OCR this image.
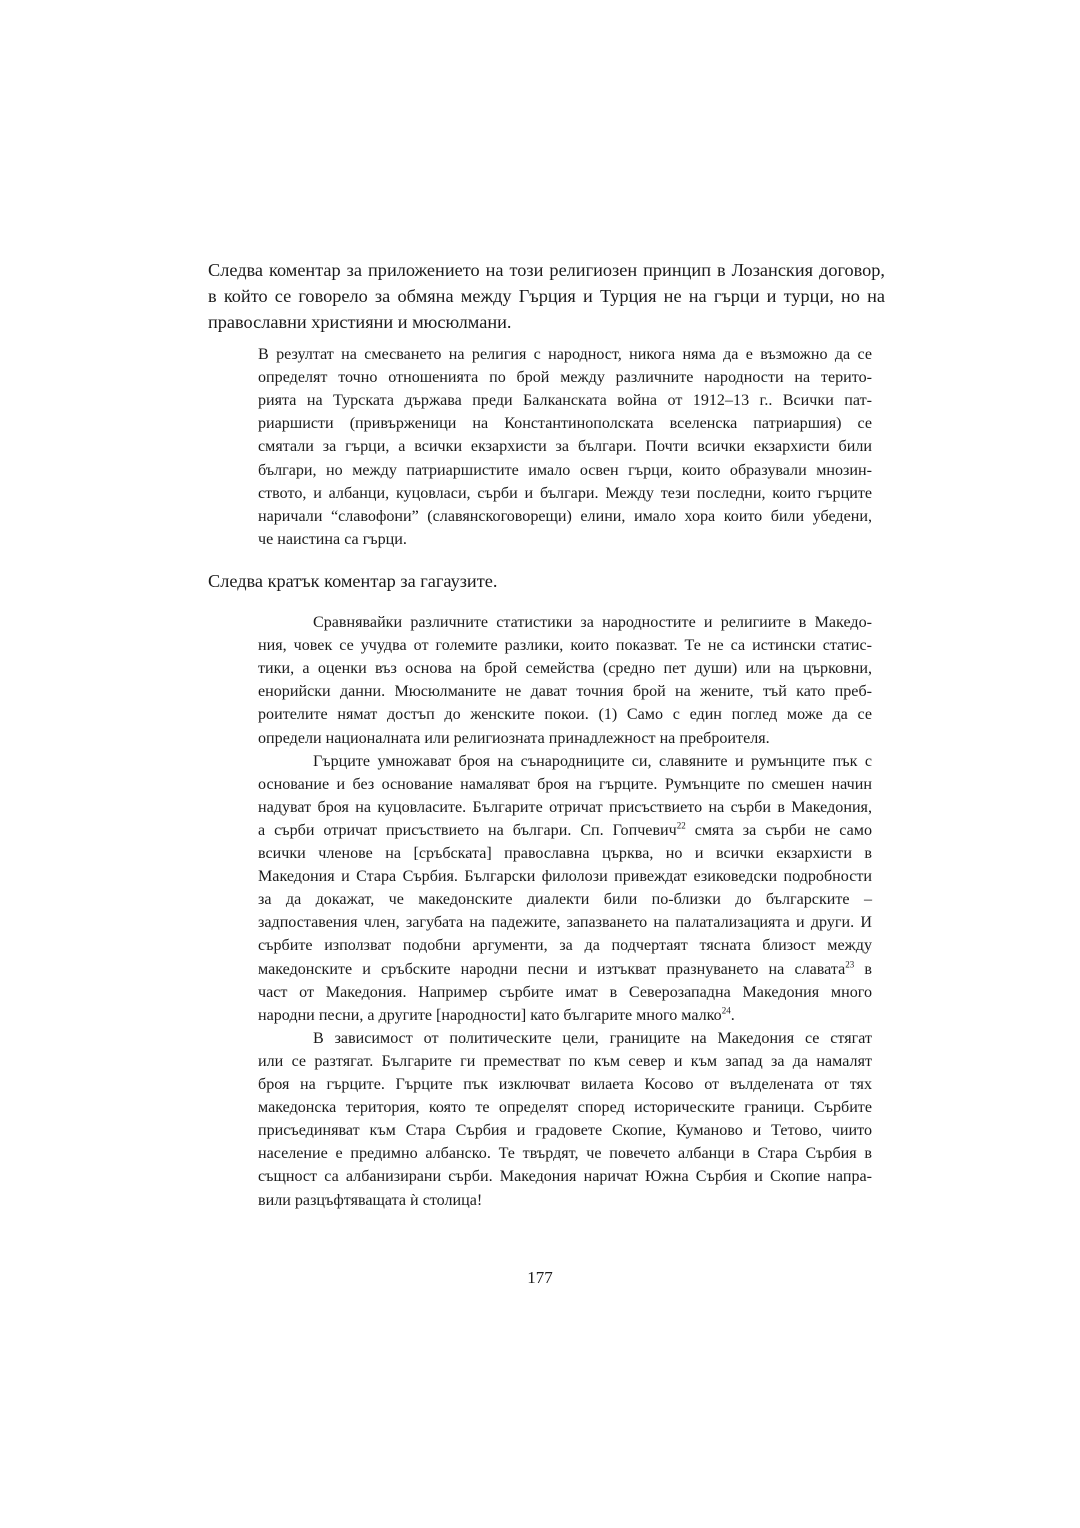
Следва коментар за приложението на този религиозен принцип в Лозанския договор,
в който се говорело за обмяна между Гърция и Турция не на гърци и турци, но на
православни християни и мюсюлмани.
В резултат на смесването на религия с народност, никога няма да е възможно да се
определят точно отношенията по брой между различните народности на терито-
рията на Турската държава преди Балканската война от 1912–13 г.. Всички пат-
риаршисти (привърженици на Константинополската вселенска патриаршия) се
смятали за гърци, а всички екзархисти за българи. Почти всички екзархисти били
българи, но между патриаршистите имало освен гърци, които образували мнозин-
ството, и албанци, куцовласи, сърби и българи. Между тези последни, които гърците
наричали “славофони” (славянскоговорещи) елини, имало хора които били убедени,
че наистина са гърци.
Следва кратък коментар за гагаузите.
Сравнявайки различните статистики за народностите и религиите в Македо-
ния, човек се учудва от големите разлики, които показват. Те не са истински статис-
тики, а оценки въз основа на брой семейства (средно пет души) или на църковни,
енорийски данни. Мюсюлманите не дават точния брой на жените, тъй като преб-
роителите нямат достъп до женските покои. (1) Само с един поглед може да се
определи националната или религиозната принадлежност на преброителя.
Гърците умножават броя на сънародниците си, славяните и румънците пък с
основание и без основание намаляват броя на гърците. Румънците по смешен начин
надуват броя на куцовласите. Българите отричат присъствието на сърби в Македония,
а сърби отричат присъствието на българи. Сп. Гопчевич$^{22}$ смята за сърби не само
всички членове на [сръбската] православна църква, но и всички екзархисти в
Македония и Стара Сърбия. Български филолози привеждат езиковедски подробности
за да докажат, че македонските диалекти били по-близки до българските –
задпоставения член, загубата на падежите, запазването на палатализацията и други. И
сърбите използват подобни аргументи, за да подчертаят тясната близост между
македонските и сръбските народни песни и изтъкват празнуването на славата$^{23}$ в
част от Македония. Например сърбите имат в Северозападна Македония много
народни песни, а другите [народности] като българите много малко$^{24}$.
В зависимост от политическите цели, границите на Македония се стягат
или се разтягат. Българите ги преместват по към север и към запад за да намалят
броя на гърците. Гърците пък изключват вилаета Косово от вълделената от тях
македонска територия, която те определят според историческите граници. Сърбите
присъединяват към Стара Сърбия и градовете Скопие, Куманово и Тетово, чиито
население е предимно албанско. Те твърдят, че повечето албанци в Стара Сърбия в
същност са албанизирани сърби. Македония наричат Южна Сърбия и Скопие напра-
вили разцъфтяващата ѝ столица!
177
